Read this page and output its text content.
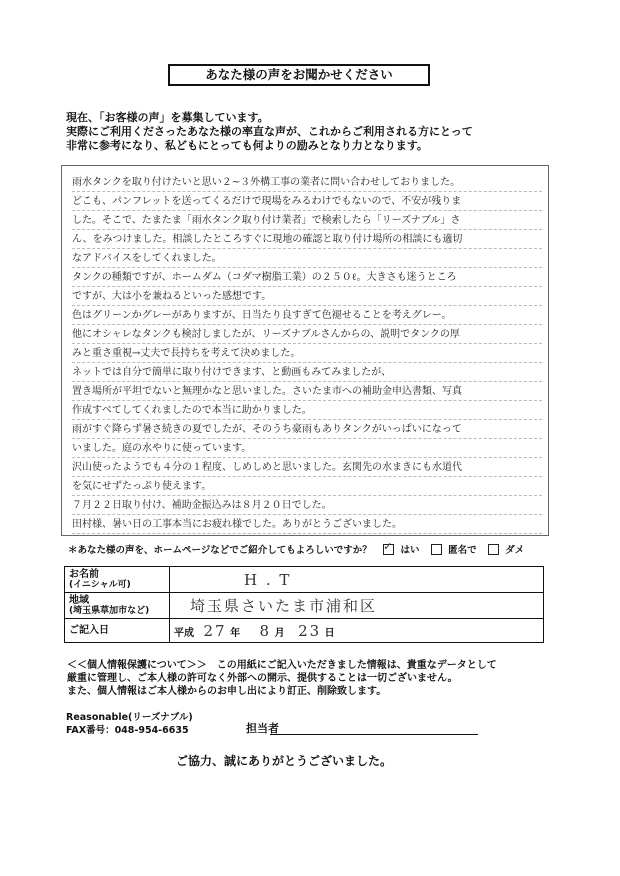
あなた様の声をお聞かせください
現在、「お客様の声」を募集しています。
実際にご利用くださったあなた様の率直な声が、これからご利用される方にとって
非常に参考になり、私どもにとっても何よりの励みとなり力となります。
雨水タンクを取り付けたいと思い２~３外構工事の業者に問い合わせしておりました。
どこも、パンフレットを送ってくるだけで現場をみるわけでもないので、不安が残りま
した。そこで、たまたま「雨水タンク取り付け業者」で検索したら「リーズナブル」さ
ん、をみつけました。相談したところすぐに現地の確認と取り付け場所の相談にも適切
なアドバイスをしてくれました。
タンクの種類ですが、ホームダム（コダマ樹脂工業）の２５０ℓ。大きさも迷うところ
ですが、大は小を兼ねるといった感想です。
色はグリーンかグレーがありますが、日当たり良すぎて色褪せることを考えグレー。
他にオシャレなタンクも検討しましたが、リーズナブルさんからの、説明でタンクの厚
みと重さ重視→丈夫で長持ちを考えて決めました。
ネットでは自分で簡単に取り付けできます、と動画もみてみましたが、
置き場所が平坦でないと無理かなと思いました。さいたま市への補助金申込書類、写真
作成すべてしてくれましたので本当に助かりました。
雨がすぐ降らず暑さ続きの夏でしたが、そのうち豪雨もありタンクがいっぱいになって
いました。庭の水やりに使っています。
沢山使ったようでも４分の１程度、しめしめと思いました。玄関先の水まきにも水道代
を気にせずたっぷり使えます。
７月２２日取り付け、補助金振込みは８月２０日でした。
田村様、暑い日の工事本当にお疲れ様でした。ありがとうございました。
＊あなた様の声を、ホームページなどでご紹介してもよろしいですか？ ✓	はい	匿名で	ダメ
お名前
(イニシャル可)	H . T

地域
(埼玉県草加市など)	埼玉県さいたま市浦和区
ご記入日	平成 27 年 8 月 23 日
＜＜個人情報保護について＞＞　この用紙にご記入いただきました情報は、貴重なデータとして
厳重に管理し、ご本人様の許可なく外部への開示、提供することは一切ございません。
また、個人情報はご本人様からのお申し出により訂正、削除致します。
Reasonable(リーズナブル)
FAX番号：048-954-6635	担当者
ご協力、誠にありがとうございました。
